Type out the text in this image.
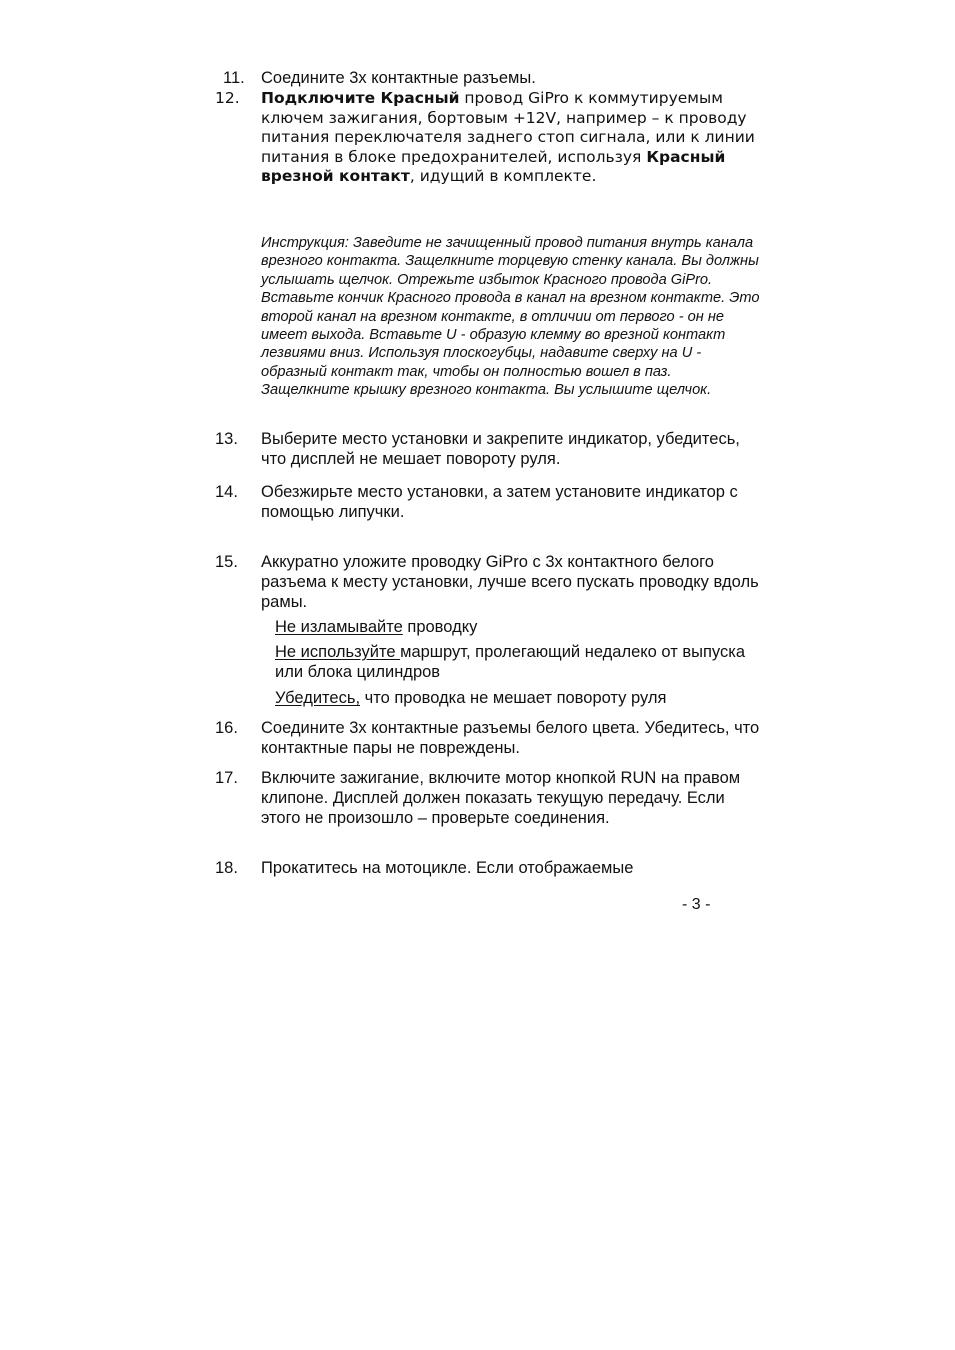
11. Соедините 3х контактные разъемы.
12.	Подключите Красный провод GiPro к коммутируемым ключем зажигания, бортовым +12V, например – к проводу питания переключателя заднего стоп сигнала, или к линии питания в блоке предохранителей, используя Красный врезной контакт, идущий в комплекте.
Инструкция: Заведите не зачищенный провод питания внутрь канала врезного контакта. Защелкните торцевую стенку канала. Вы должны услышать щелчок. Отрежьте избыток Красного провода GiPro. Вставьте кончик Красного провода в канал на врезном контакте. Это второй канал на врезном контакте, в отличии от первого - он не имеет выхода. Вставьте U - образую клемму во врезной контакт лезвиями вниз. Используя плоскогубцы, надавите сверху на U - образный контакт так, чтобы он полностью вошел в паз. Защелкните крышку врезного контакта. Вы услышите щелчок.
13.	Выберите место установки и закрепите индикатор, убедитесь, что дисплей не мешает повороту руля.
14.	Обезжирьте место установки, а затем установите индикатор с помощью липучки.
15.	Аккуратно уложите проводку GiPro с 3х контактного белого разъема к месту установки, лучше всего пускать проводку вдоль рамы.
Не изламывайте проводку
Не используйте маршрут, пролегающий недалеко от выпуска или блока цилиндров
Убедитесь, что проводка не мешает повороту руля
16.	Соедините 3х контактные разъемы белого цвета. Убедитесь, что контактные пары не повреждены.
17.	Включите зажигание, включите мотор кнопкой RUN на правом клипоне. Дисплей должен показать текущую передачу. Если этого не произошло – проверьте соединения.
18.	Прокатитесь на мотоцикле. Если отображаемые
- 3 -
